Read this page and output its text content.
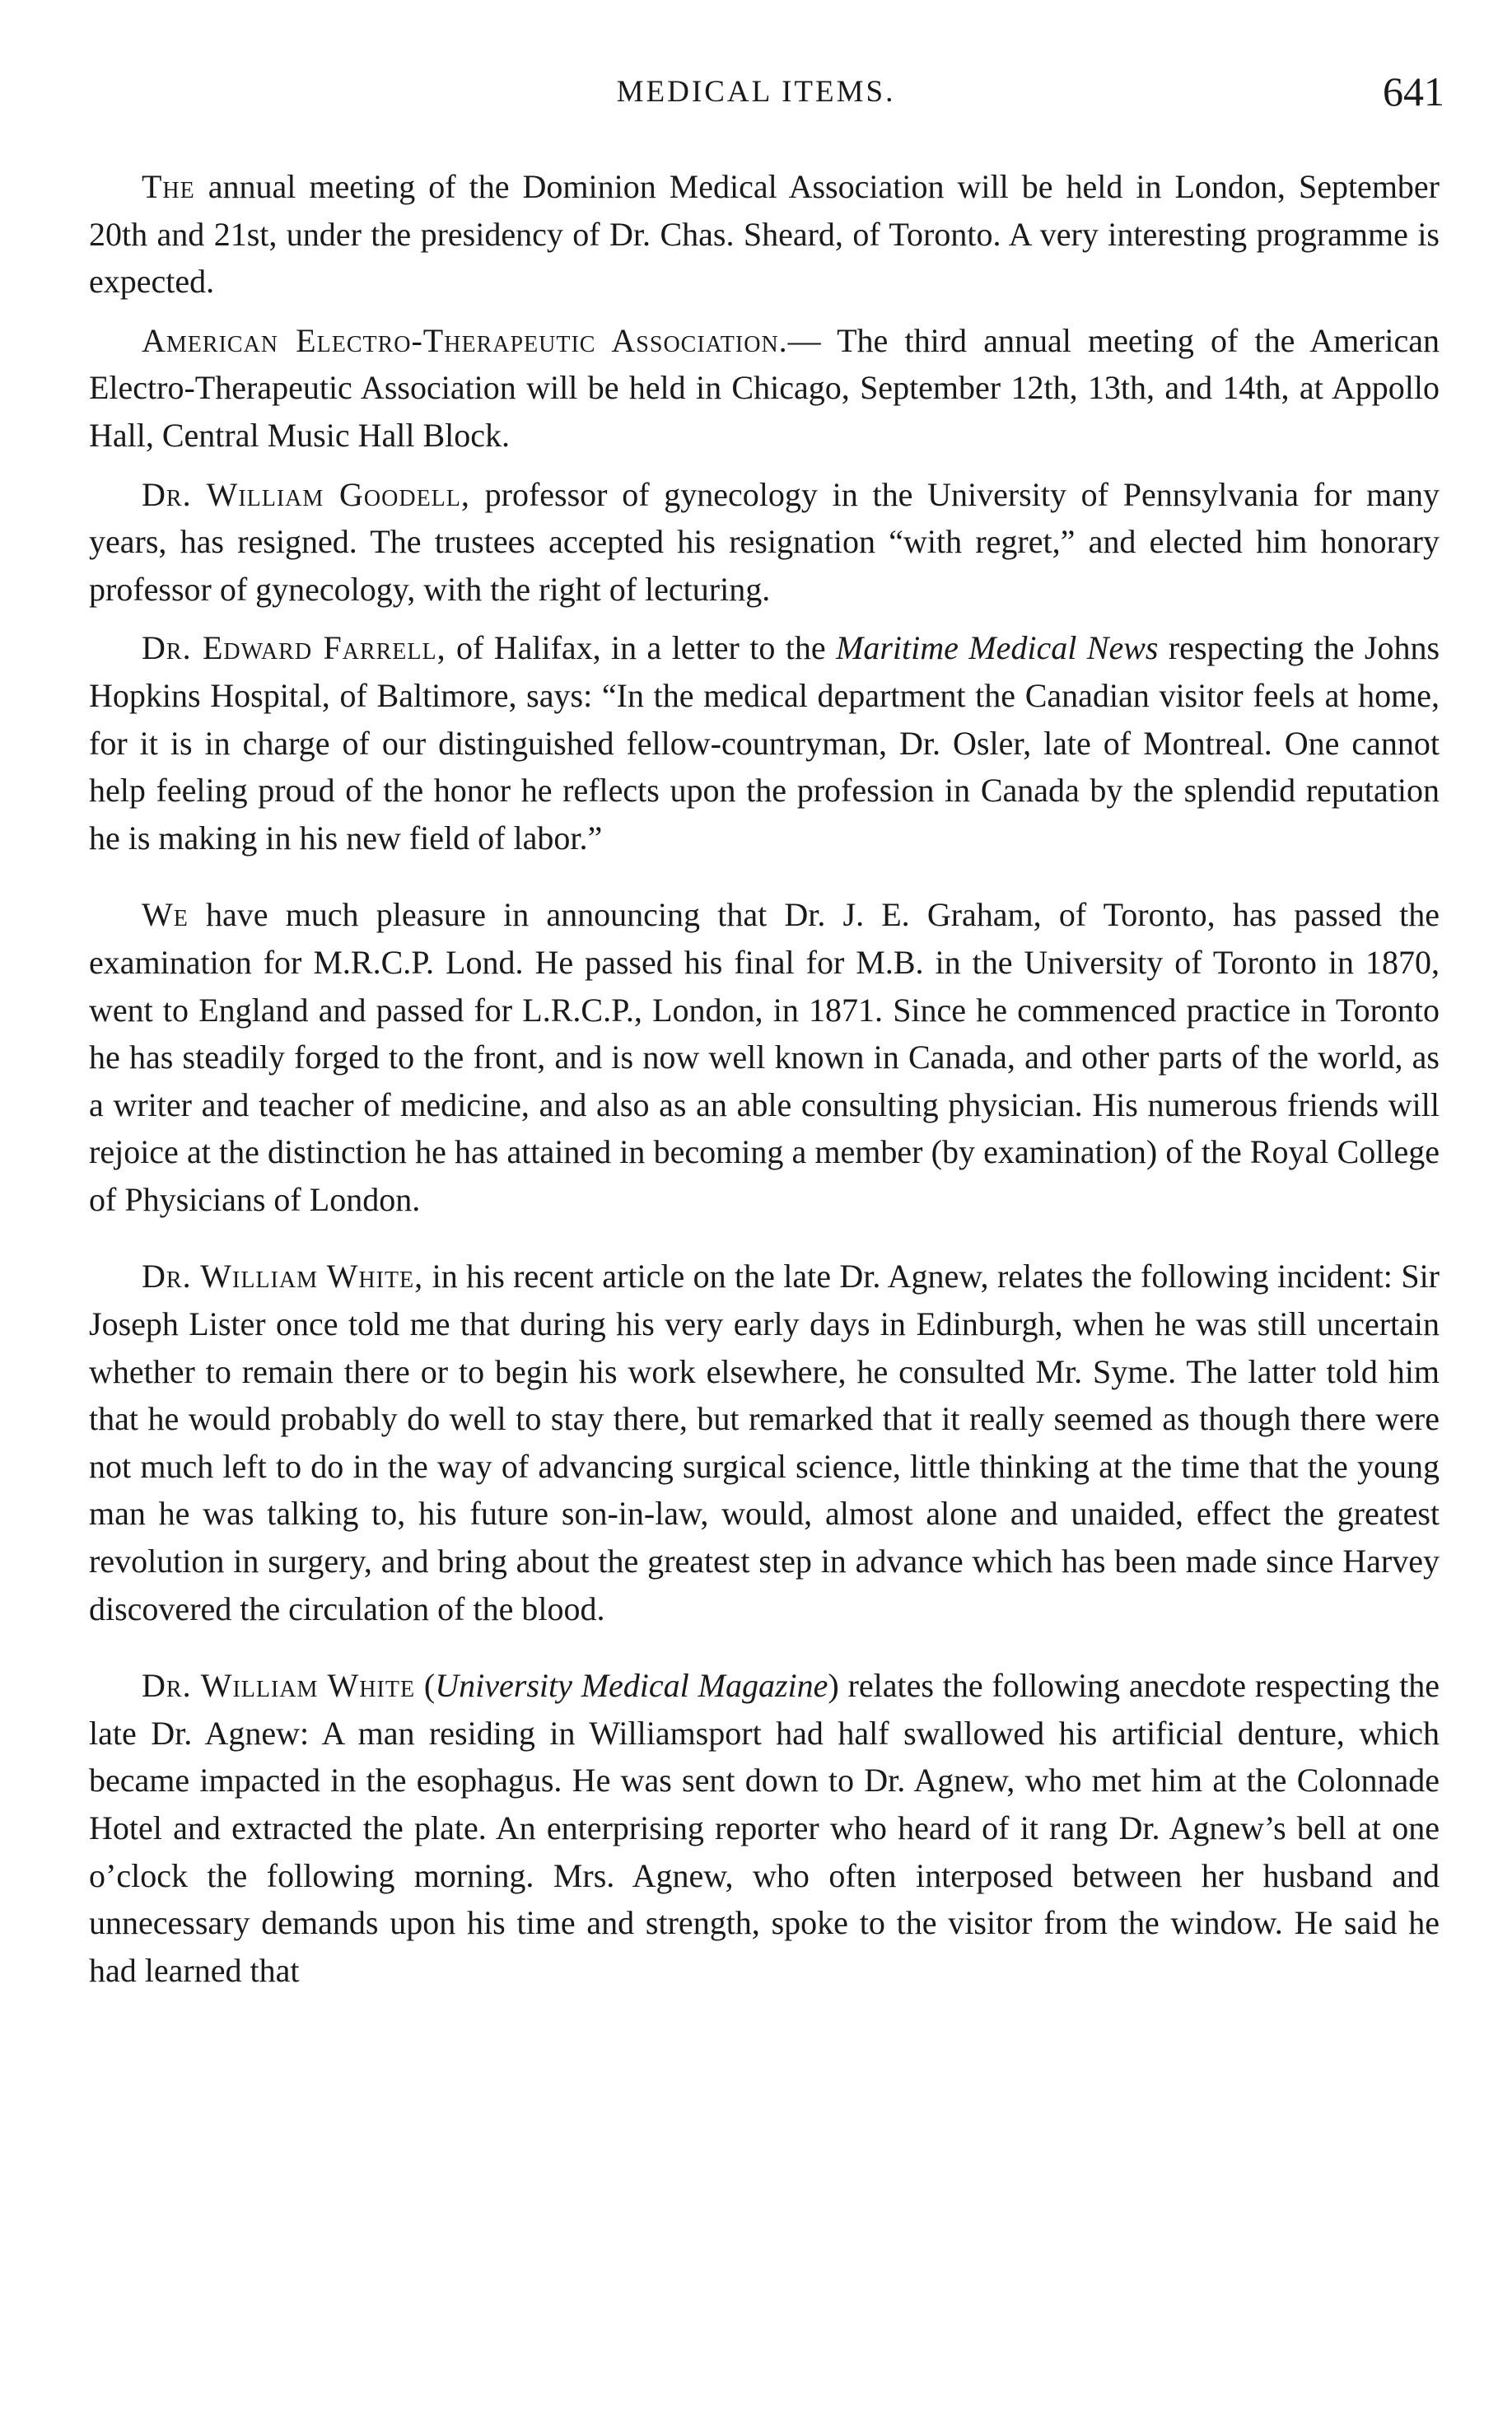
MEDICAL ITEMS.	641

The annual meeting of the Dominion Medical Association will be held in London, September 20th and 21st, under the presidency of Dr. Chas. Sheard, of Toronto. A very interesting programme is expected.

American Electro-Therapeutic Association.— The third annual meeting of the American Electro-Therapeutic Association will be held in Chicago, September 12th, 13th, and 14th, at Appollo Hall, Central Music Hall Block.

Dr. William Goodell, professor of gynecology in the University of Pennsylvania for many years, has resigned. The trustees accepted his resignation “with regret,” and elected him honorary professor of gynecology, with the right of lecturing.

Dr. Edward Farrell, of Halifax, in a letter to the Maritime Medical News respecting the Johns Hopkins Hospital, of Baltimore, says: “In the medical department the Canadian visitor feels at home, for it is in charge of our distinguished fellow-countryman, Dr. Osler, late of Montreal. One cannot help feeling proud of the honor he reflects upon the profession in Canada by the splendid reputation he is making in his new field of labor.”

We have much pleasure in announcing that Dr. J. E. Graham, of Toronto, has passed the examination for M.R.C.P. Lond. He passed his final for M.B. in the University of Toronto in 1870, went to England and passed for L.R.C.P., London, in 1871. Since he commenced practice in Toronto he has steadily forged to the front, and is now well known in Canada, and other parts of the world, as a writer and teacher of medicine, and also as an able consulting physician. His numerous friends will rejoice at the distinction he has attained in becoming a member (by examination) of the Royal College of Physicians of London.

Dr. William White, in his recent article on the late Dr. Agnew, relates the following incident: Sir Joseph Lister once told me that during his very early days in Edinburgh, when he was still uncertain whether to remain there or to begin his work elsewhere, he consulted Mr. Syme. The latter told him that he would probably do well to stay there, but remarked that it really seemed as though there were not much left to do in the way of advancing surgical science, little thinking at the time that the young man he was talking to, his future son-in-law, would, almost alone and unaided, effect the greatest revolution in surgery, and bring about the greatest step in advance which has been made since Harvey discovered the circulation of the blood.

Dr. William White (University Medical Magazine) relates the following anecdote respecting the late Dr. Agnew: A man residing in Williamsport had half swallowed his artificial denture, which became impacted in the esophagus. He was sent down to Dr. Agnew, who met him at the Colonnade Hotel and extracted the plate. An enterprising reporter who heard of it rang Dr. Agnew’s bell at one o’clock the following morning. Mrs. Agnew, who often interposed between her husband and unnecessary demands upon his time and strength, spoke to the visitor from the window. He said he had learned that
